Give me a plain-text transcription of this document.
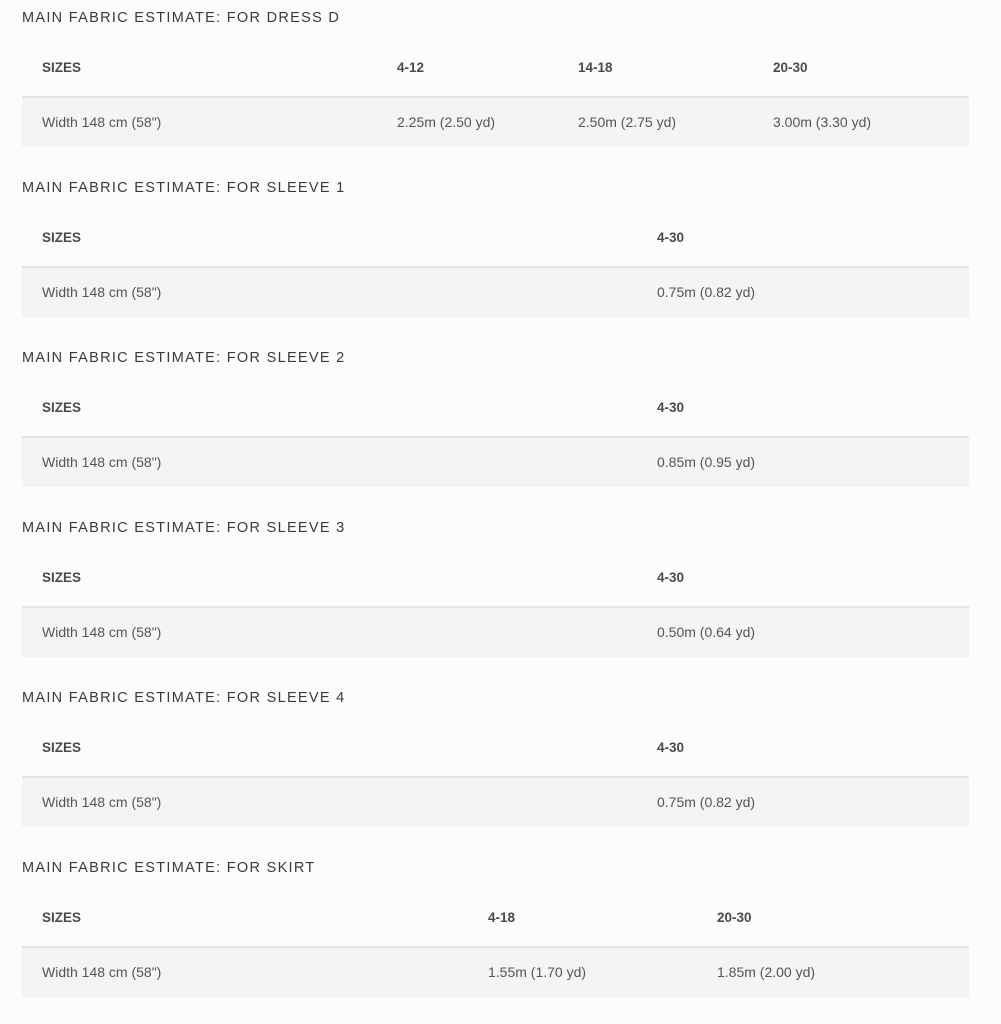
MAIN FABRIC ESTIMATE: FOR DRESS D
SIZES	4-12	14-18	20-30
Width 148 cm (58")	2.25m (2.50 yd)	2.50m (2.75 yd)	3.00m (3.30 yd)
MAIN FABRIC ESTIMATE: FOR SLEEVE 1
SIZES	4-30
Width 148 cm (58")	0.75m (0.82 yd)
MAIN FABRIC ESTIMATE: FOR SLEEVE 2
SIZES	4-30
Width 148 cm (58")	0.85m (0.95 yd)
MAIN FABRIC ESTIMATE: FOR SLEEVE 3
SIZES	4-30
Width 148 cm (58")	0.50m (0.64 yd)
MAIN FABRIC ESTIMATE: FOR SLEEVE 4
SIZES	4-30
Width 148 cm (58")	0.75m (0.82 yd)
MAIN FABRIC ESTIMATE: FOR SKIRT
SIZES	4-18	20-30
Width 148 cm (58")	1.55m (1.70 yd)	1.85m (2.00 yd)
